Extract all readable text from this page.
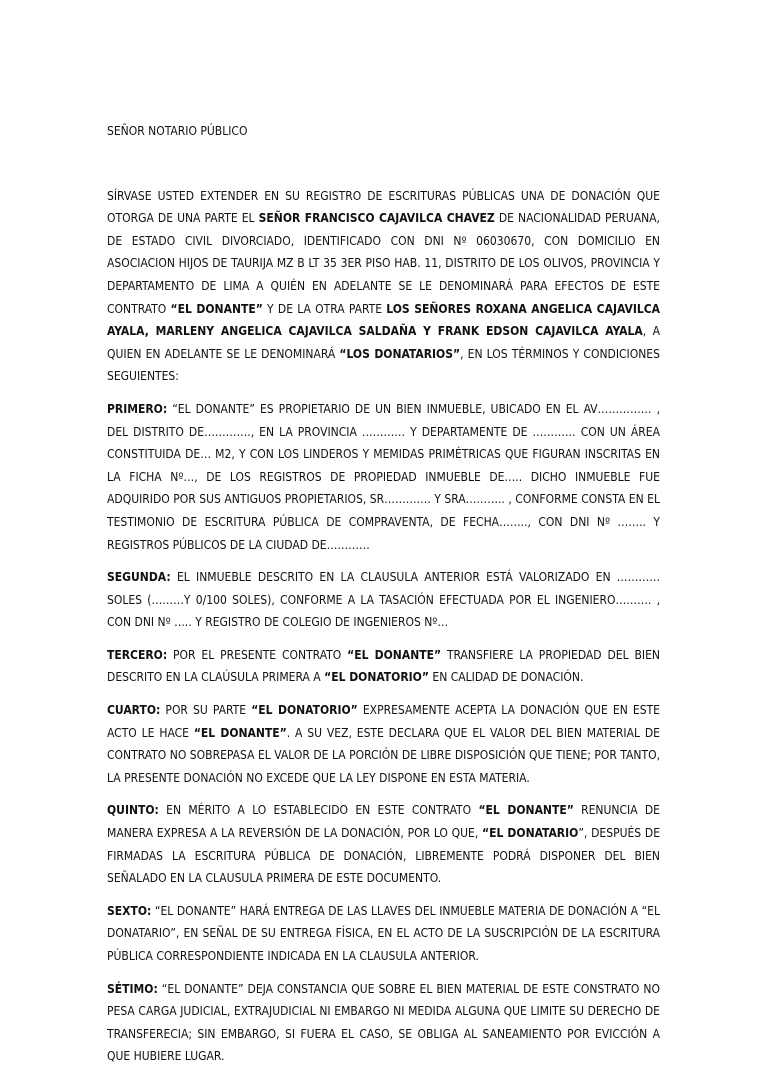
SEÑOR NOTARIO PÚBLICO

SÍRVASE USTED EXTENDER EN SU REGISTRO DE ESCRITURAS PÚBLICAS UNA DE DONACIÓN QUE OTORGA DE UNA PARTE EL SEÑOR FRANCISCO CAJAVILCA CHAVEZ DE NACIONALIDAD PERUANA, DE ESTADO CIVIL DIVORCIADO, IDENTIFICADO CON DNI Nº 06030670, CON DOMICILIO EN ASOCIACION HIJOS DE TAURIJA MZ B LT 35 3ER PISO HAB. 11, DISTRITO DE LOS OLIVOS, PROVINCIA Y DEPARTAMENTO DE LIMA A QUIÉN EN ADELANTE SE LE DENOMINARÁ PARA EFECTOS DE ESTE CONTRATO “EL DONANTE” Y DE LA OTRA PARTE LOS SEÑORES ROXANA ANGELICA CAJAVILCA AYALA, MARLENY ANGELICA CAJAVILCA SALDAÑA Y FRANK EDSON CAJAVILCA AYALA, A QUIEN EN ADELANTE SE LE DENOMINARÁ “LOS DONATARIOS”, EN LOS TÉRMINOS Y CONDICIONES SEGUIENTES:

PRIMERO: “EL DONANTE” ES PROPIETARIO DE UN BIEN INMUEBLE, UBICADO EN EL AV…………… , DEL DISTRITO DE…………., EN LA PROVINCIA ………… Y DEPARTAMENTE DE ………… CON UN ÁREA CONSTITUIDA DE… M2, Y CON LOS LINDEROS Y MEMIDAS PRIMÉTRICAS QUE FIGURAN INSCRITAS EN LA FICHA Nº…, DE LOS REGISTROS DE PROPIEDAD INMUEBLE DE….. DICHO INMUEBLE FUE ADQUIRIDO POR SUS ANTIGUOS PROPIETARIOS, SR…………. Y SRA……….. , CONFORME CONSTA EN EL TESTIMONIO DE ESCRITURA PÚBLICA DE COMPRAVENTA, DE FECHA…….., CON DNI Nº …….. Y REGISTROS PÚBLICOS DE LA CIUDAD DE…………

SEGUNDA: EL INMUEBLE DESCRITO EN LA CLAUSULA ANTERIOR ESTÁ VALORIZADO EN ………… SOLES (………Y 0/100 SOLES), CONFORME A LA TASACIÓN EFECTUADA POR EL INGENIERO………. , CON DNI Nº ….. Y REGISTRO DE COLEGIO DE INGENIEROS Nº…

TERCERO: POR EL PRESENTE CONTRATO “EL DONANTE” TRANSFIERE LA PROPIEDAD DEL BIEN DESCRITO EN LA CLAÚSULA PRIMERA A “EL DONATORIO” EN CALIDAD DE DONACIÓN.

CUARTO: POR SU PARTE “EL DONATORIO” EXPRESAMENTE ACEPTA LA DONACIÓN QUE EN ESTE ACTO LE HACE “EL DONANTE”. A SU VEZ, ESTE DECLARA QUE EL VALOR DEL BIEN MATERIAL DE CONTRATO NO SOBREPASA EL VALOR DE LA PORCIÓN DE LIBRE DISPOSICIÓN QUE TIENE; POR TANTO, LA PRESENTE DONACIÓN NO EXCEDE QUE LA LEY DISPONE EN ESTA MATERIA.

QUINTO: EN MÉRITO A LO ESTABLECIDO EN ESTE CONTRATO “EL DONANTE” RENUNCIA DE MANERA EXPRESA A LA REVERSIÓN DE LA DONACIÓN, POR LO QUE, “EL DONATARIO”, DESPUÉS DE FIRMADAS LA ESCRITURA PÚBLICA DE DONACIÓN, LIBREMENTE PODRÁ DISPONER DEL BIEN SEÑALADO EN LA CLAUSULA PRIMERA DE ESTE DOCUMENTO.

SEXTO: “EL DONANTE” HARÁ ENTREGA DE LAS LLAVES DEL INMUEBLE MATERIA DE DONACIÓN A “EL DONATARIO”, EN SEÑAL DE SU ENTREGA FÍSICA, EN EL ACTO DE LA SUSCRIPCIÓN DE LA ESCRITURA PÚBLICA CORRESPONDIENTE INDICADA EN LA CLAUSULA ANTERIOR.

SÉTIMO: “EL DONANTE” DEJA CONSTANCIA QUE SOBRE EL BIEN MATERIAL DE ESTE CONSTRATO NO PESA CARGA JUDICIAL, EXTRAJUDICIAL NI EMBARGO NI MEDIDA ALGUNA QUE LIMITE SU DERECHO DE TRANSFERECIA; SIN EMBARGO, SI FUERA EL CASO, SE OBLIGA AL SANEAMIENTO POR EVICCIÓN A QUE HUBIERE LUGAR.
